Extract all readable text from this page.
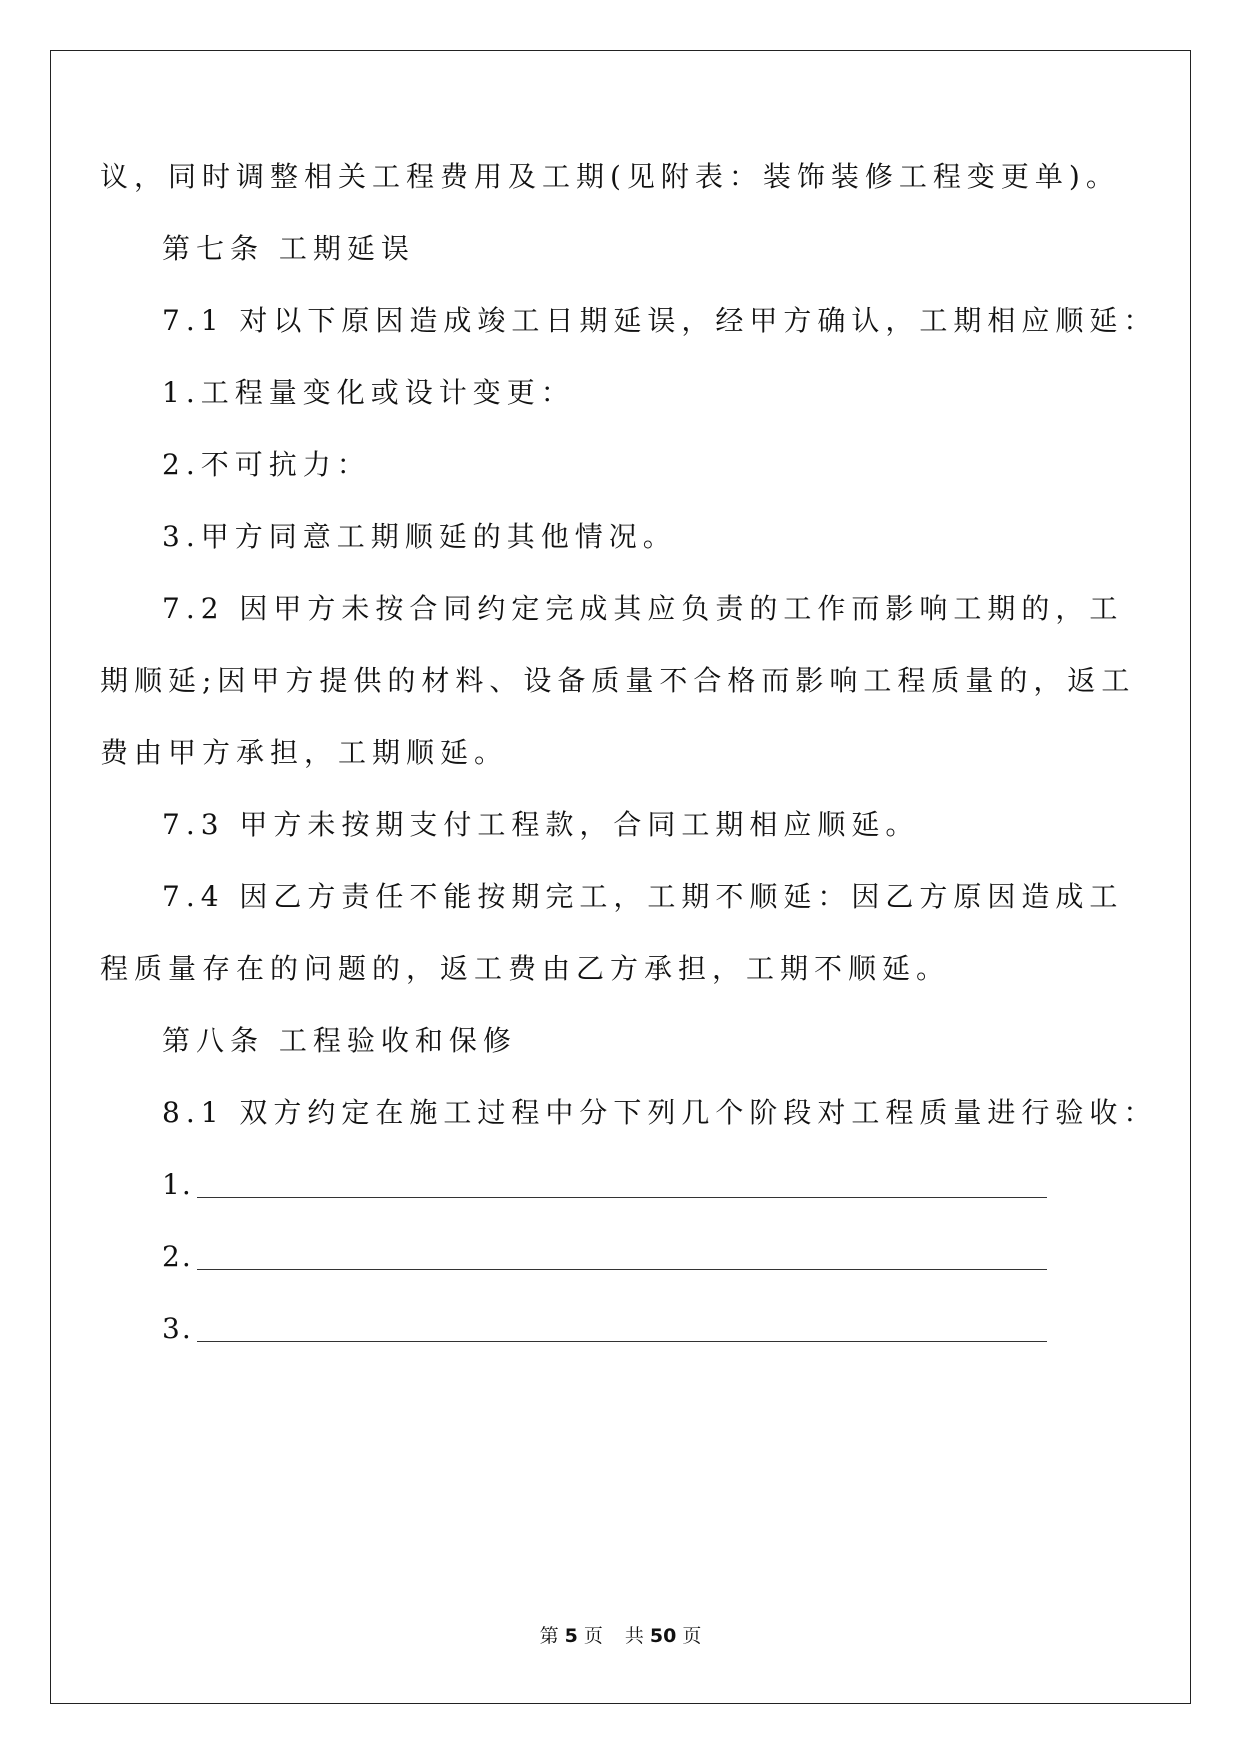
议，同时调整相关工程费用及工期(见附表：装饰装修工程变更单)。
第七条 工期延误
7.1 对以下原因造成竣工日期延误，经甲方确认，工期相应顺延：
1.工程量变化或设计变更：
2.不可抗力：
3.甲方同意工期顺延的其他情况。
7.2 因甲方未按合同约定完成其应负责的工作而影响工期的，工
期顺延;因甲方提供的材料、设备质量不合格而影响工程质量的，返工
费由甲方承担，工期顺延。
7.3 甲方未按期支付工程款，合同工期相应顺延。
7.4 因乙方责任不能按期完工，工期不顺延：因乙方原因造成工
程质量存在的问题的，返工费由乙方承担，工期不顺延。
第八条 工程验收和保修
8.1 双方约定在施工过程中分下列几个阶段对工程质量进行验收：
1.
2.
3.
第 5 页 共 50 页
